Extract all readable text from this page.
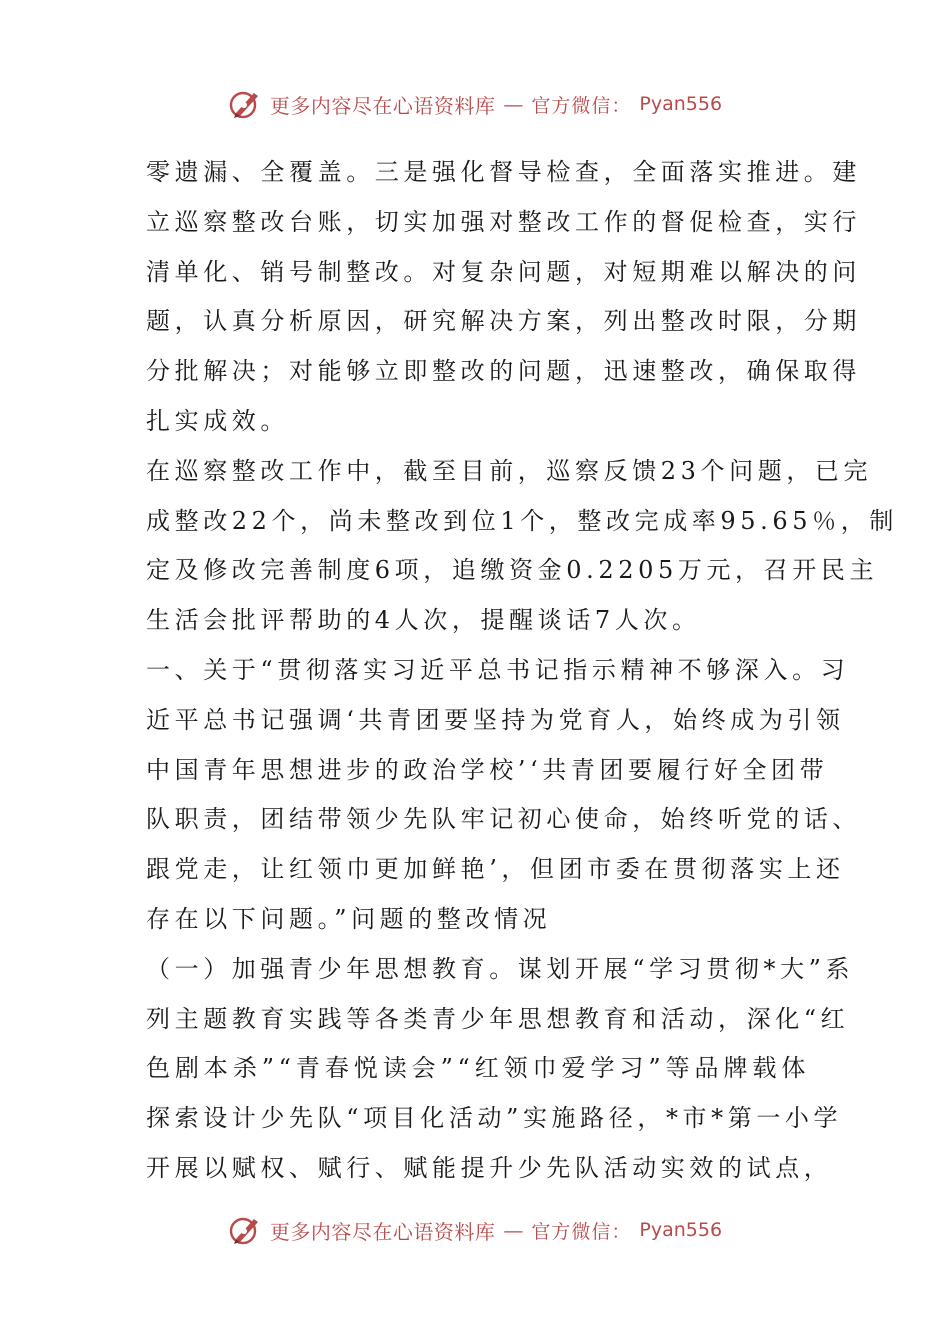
更多内容尽在心语资料库 — 官方微信： Pyan556
零遗漏、全覆盖。三是强化督导检查，全面落实推进。建
立巡察整改台账，切实加强对整改工作的督促检查，实行
清单化、销号制整改。对复杂问题，对短期难以解决的问
题，认真分析原因，研究解决方案，列出整改时限，分期
分批解决；对能够立即整改的问题，迅速整改，确保取得
扎实成效。
在巡察整改工作中，截至目前，巡察反馈23个问题，已完
成整改22个，尚未整改到位1个，整改完成率95.65％，制
定及修改完善制度6项，追缴资金0.2205万元，召开民主
生活会批评帮助的4人次，提醒谈话7人次。
一、关于“贯彻落实习近平总书记指示精神不够深入。习
近平总书记强调‘共青团要坚持为党育人，始终成为引领
中国青年思想进步的政治学校’‘共青团要履行好全团带
队职责，团结带领少先队牢记初心使命，始终听党的话、
跟党走，让红领巾更加鲜艳’，但团市委在贯彻落实上还
存在以下问题。”问题的整改情况
（一）加强青少年思想教育。谋划开展“学习贯彻*大”系
列主题教育实践等各类青少年思想教育和活动，深化“红
色剧本杀”“青春悦读会”“红领巾爱学习”等品牌载体
探索设计少先队“项目化活动”实施路径，*市*第一小学
开展以赋权、赋行、赋能提升少先队活动实效的试点，
更多内容尽在心语资料库 — 官方微信： Pyan556
